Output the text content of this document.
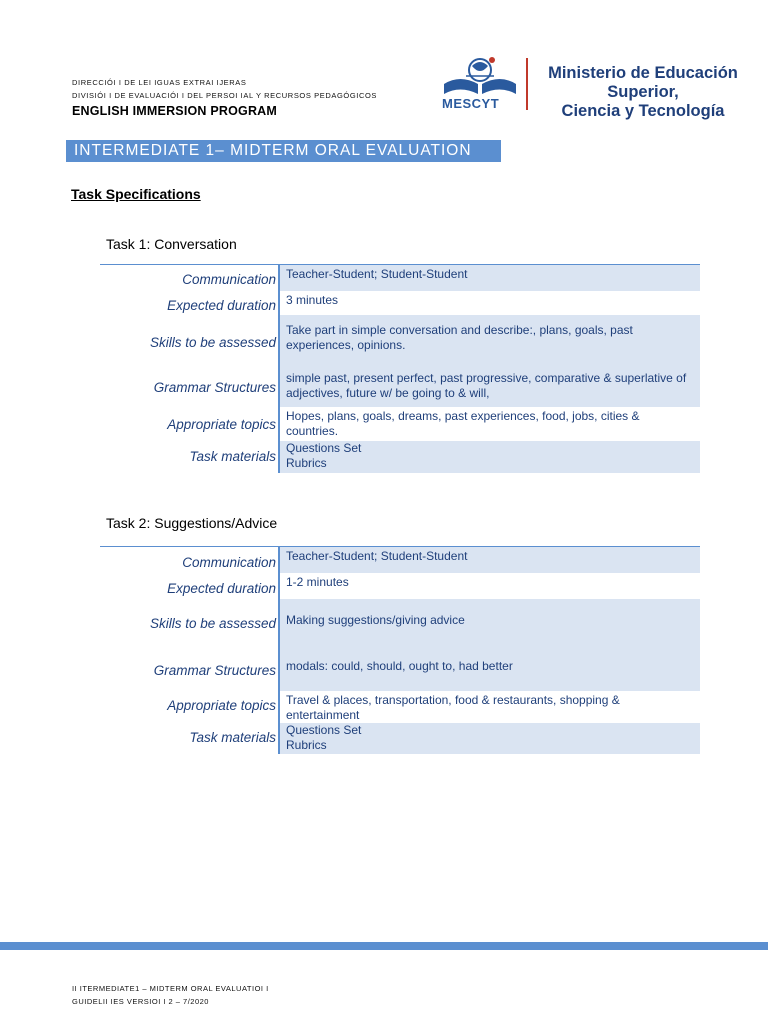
DIRECCIÓI I DE LEI IGUAS EXTRAI IJERAS
DIVISIÓI I DE EVALUACIÓI I DEL PERSOI IAL Y RECURSOS PEDAGÓGICOS
ENGLISH IMMERSION PROGRAM
INTERMEDIATE 1– MIDTERM ORAL EVALUATION
MESCYT
Ministerio de Educación Superior,
Ciencia y Tecnología
Task Specifications
Task 1: Conversation
Communication Teacher-Student; Student-Student
Expected duration 3 minutes
Skills to be assessed
Take part in simple conversation and describe:, plans, goals, past experiences, opinions.
Grammar Structures
simple past, present perfect, past progressive, comparative & superlative of adjectives, future w/ be going to & will,
Appropriate topics
Hopes, plans, goals, dreams, past experiences, food, jobs, cities & countries.
Task materials
Questions Set
Rubrics
Task 2: Suggestions/Advice
Communication Teacher-Student; Student-Student
Expected duration 1-2 minutes
Skills to be assessed Making suggestions/giving advice
Grammar Structures modals: could, should, ought to, had better
Appropriate topics Travel & places, transportation, food & restaurants, shopping & entertainment
Task materials Questions Set
Rubrics
II ITERMEDIATE1 – MIDTERM ORAL EVALUATIOI I
GUIDELII IES VERSIOI I 2 – 7/2020
